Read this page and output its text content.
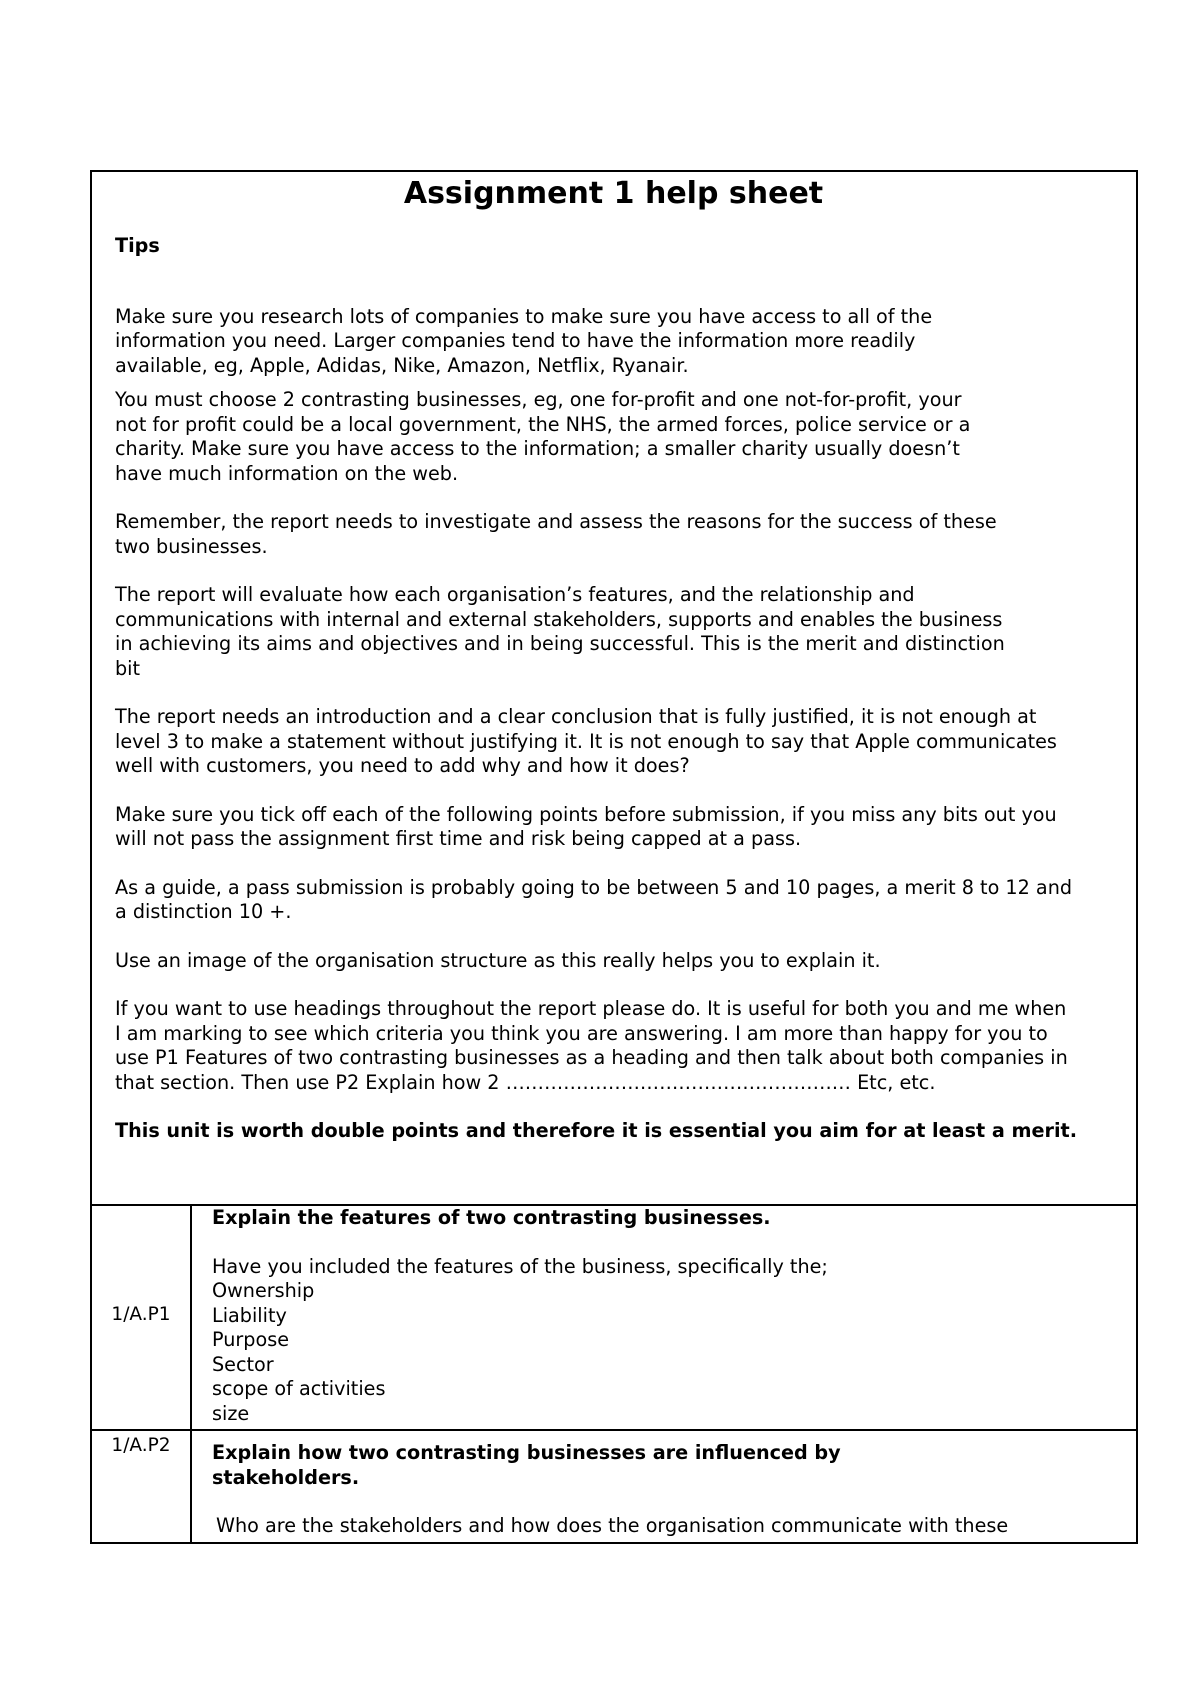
Assignment 1 help sheet
Tips

Make sure you research lots of companies to make sure you have access to all of the
information you need. Larger companies tend to have the information more readily
available, eg, Apple, Adidas, Nike, Amazon, Netflix, Ryanair.

You must choose 2 contrasting businesses, eg, one for-profit and one not-for-profit, your
not for profit could be a local government, the NHS, the armed forces, police service or a
charity. Make sure you have access to the information; a smaller charity usually doesn’t
have much information on the web.

Remember, the report needs to investigate and assess the reasons for the success of these
two businesses.

The report will evaluate how each organisation’s features, and the relationship and
communications with internal and external stakeholders, supports and enables the business
in achieving its aims and objectives and in being successful. This is the merit and distinction
bit

The report needs an introduction and a clear conclusion that is fully justified, it is not enough at
level 3 to make a statement without justifying it. It is not enough to say that Apple communicates
well with customers, you need to add why and how it does?

Make sure you tick off each of the following points before submission, if you miss any bits out you
will not pass the assignment first time and risk being capped at a pass.

As a guide, a pass submission is probably going to be between 5 and 10 pages, a merit 8 to 12 and
a distinction 10 +.

Use an image of the organisation structure as this really helps you to explain it.

If you want to use headings throughout the report please do. It is useful for both you and me when
I am marking to see which criteria you think you are answering. I am more than happy for you to
use P1 Features of two contrasting businesses as a heading and then talk about both companies in
that section. Then use P2 Explain how 2 ……………………………………………… Etc, etc.

This unit is worth double points and therefore it is essential you aim for at least a merit.
1/A.P1

Explain the features of two contrasting businesses.

Have you included the features of the business, specifically the;

Ownership
Liability
Purpose
Sector
scope of activities
size
1/A.P2 Explain how two contrasting businesses are influenced by
stakeholders.

Who are the stakeholders and how does the organisation communicate with these
